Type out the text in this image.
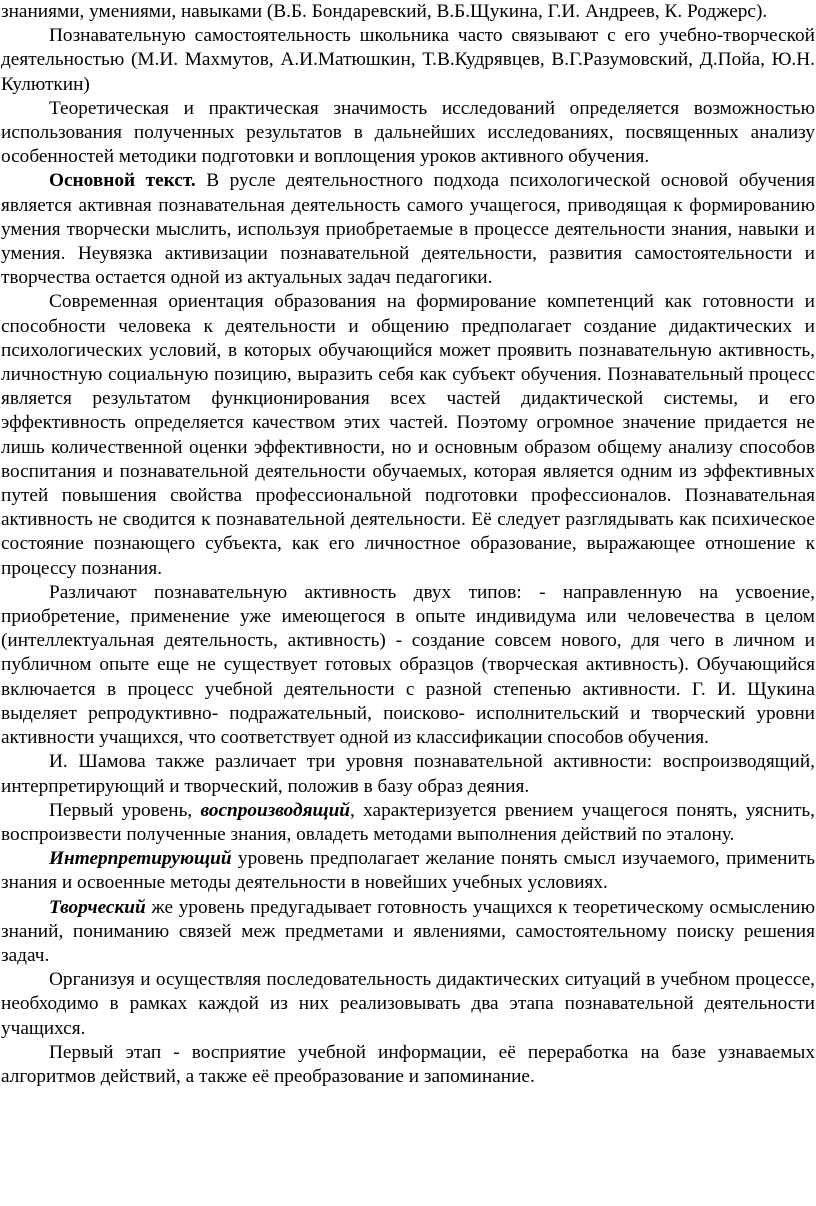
знаниями, умениями, навыками (В.Б. Бондаревский, В.Б.Щукина, Г.И. Андреев, К. Роджерс).

Познавательную самостоятельность школьника часто связывают с его учебно-творческой деятельностью (М.И. Махмутов, А.И.Матюшкин, Т.В.Кудрявцев, В.Г.Разумовский, Д.Пойа, Ю.Н. Кулюткин)

Теоретическая и практическая значимость исследований определяется возможностью использования полученных результатов в дальнейших исследованиях, посвященных анализу особенностей методики подготовки и воплощения уроков активного обучения.

Основной текст. В русле деятельностного подхода психологической основой обучения является активная познавательная деятельность самого учащегося, приводящая к формированию умения творчески мыслить, используя приобретаемые в процессе деятельности знания, навыки и умения. Неувязка активизации познавательной деятельности, развития самостоятельности и творчества остается одной из актуальных задач педагогики.

Современная ориентация образования на формирование компетенций как готовности и способности человека к деятельности и общению предполагает создание дидактических и психологических условий, в которых обучающийся может проявить познавательную активность, личностную социальную позицию, выразить себя как субъект обучения. Познавательный процесс является результатом функционирования всех частей дидактической системы, и его эффективность определяется качеством этих частей. Поэтому огромное значение придается не лишь количественной оценки эффективности, но и основным образом общему анализу способов воспитания и познавательной деятельности обучаемых, которая является одним из эффективных путей повышения свойства профессиональной подготовки профессионалов. Познавательная активность не сводится к познавательной деятельности. Её следует разглядывать как психическое состояние познающего субъекта, как его личностное образование, выражающее отношение к процессу познания.

Различают познавательную активность двух типов: - направленную на усвоение, приобретение, применение уже имеющегося в опыте индивидума или человечества в целом (интеллектуальная деятельность, активность) - создание совсем нового, для чего в личном и публичном опыте еще не существует готовых образцов (творческая активность). Обучающийся включается в процесс учебной деятельности с разной степенью активности. Г. И. Щукина выделяет репродуктивно- подражательный, поисково- исполнительский и творческий уровни активности учащихся, что соответствует одной из классификации способов обучения.

И. Шамова также различает три уровня познавательной активности: воспроизводящий, интерпретирующий и творческий, положив в базу образ деяния.

Первый уровень, воспроизводящий, характеризуется рвением учащегося понять, уяснить, воспроизвести полученные знания, овладеть методами выполнения действий по эталону.

Интерпретирующий уровень предполагает желание понять смысл изучаемого, применить знания и освоенные методы деятельности в новейших учебных условиях.

Творческий же уровень предугадывает готовность учащихся к теоретическому осмыслению знаний, пониманию связей меж предметами и явлениями, самостоятельному поиску решения задач.

Организуя и осуществляя последовательность дидактических ситуаций в учебном процессе, необходимо в рамках каждой из них реализовывать два этапа познавательной деятельности учащихся.

Первый этап - восприятие учебной информации, её переработка на базе узнаваемых алгоритмов действий, а также её преобразование и запоминание.
